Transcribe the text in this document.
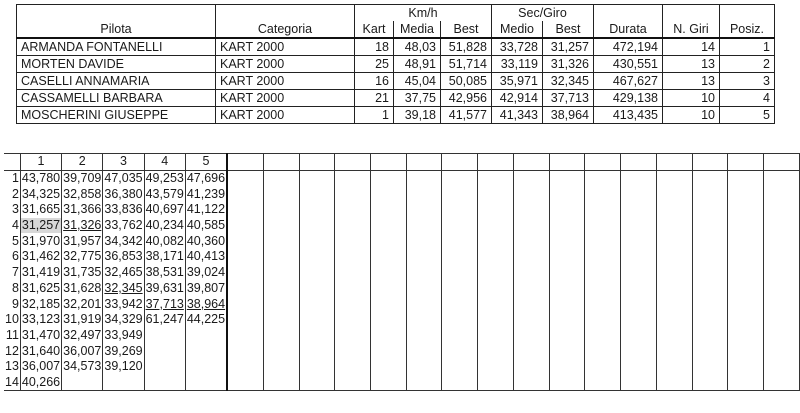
		Km/h			Sec/Giro				
Pilota	Categoria	Kart	Media	Best	Medio	Best	Durata	N. Giri	Posiz.
ARMANDA FONTANELLI	KART 2000	18	48,03	51,828	33,728	31,257	472,194	14	1
MORTEN DAVIDE	KART 2000	25	48,91	51,714	33,119	31,326	430,551	13	2
CASELLI ANNAMARIA	KART 2000	16	45,04	50,085	35,971	32,345	467,627	13	3
CASSAMELLI BARBARA	KART 2000	21	37,75	42,956	42,914	37,713	429,138	10	4
MOSCHERINI GIUSEPPE	KART 2000	1	39,18	41,577	41,343	38,964	413,435	10	5
	1	2	3	4	5																
1	43,780	39,709	47,035	49,253	47,696																
2	34,325	32,858	36,380	43,579	41,239																
3	31,665	31,366	33,836	40,697	41,122																
4	31,257	31,326	33,762	40,234	40,585																
5	31,970	31,957	34,342	40,082	40,360																
6	31,462	32,775	36,853	38,171	40,413																
7	31,419	31,735	32,465	38,531	39,024																
8	31,625	31,628	32,345	39,631	39,807																
9	32,185	32,201	33,942	37,713	38,964																
10	33,123	31,919	34,329	61,247	44,225																
11	31,470	32,497	33,949																		
12	31,640	36,007	39,269																		
13	36,007	34,573	39,120																		
14	40,266																				
